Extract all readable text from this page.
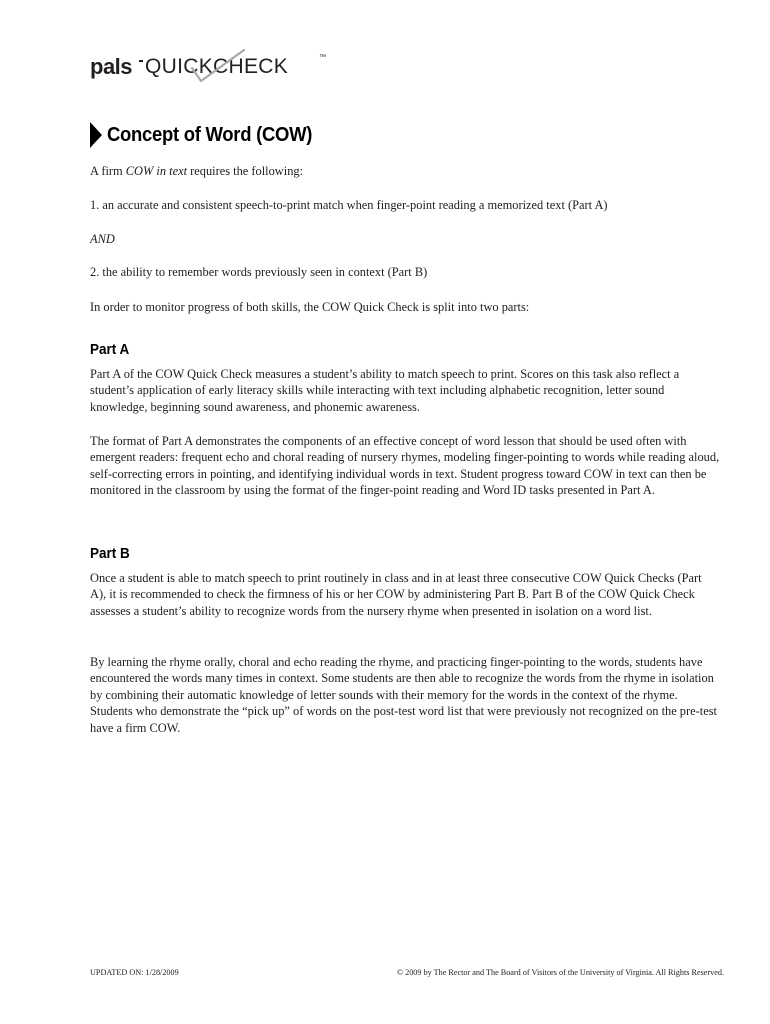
pals QUICKCHECK	™
Concept of Word (COW)

A firm COW in text requires the following:

1. an accurate and consistent speech-to-print match when finger-point reading a memorized text (Part A)

AND

2. the ability to remember words previously seen in context (Part B)

In order to monitor progress of both skills, the COW Quick Check is split into two parts:

Part A

Part A of the COW Quick Check measures a student’s ability to match speech to print. Scores on this task also reflect a student’s application of early literacy skills while interacting with text including alphabetic recognition, letter sound knowledge, beginning sound awareness, and phonemic awareness.

The format of Part A demonstrates the components of an effective concept of word lesson that should be used often with emergent readers: frequent echo and choral reading of nursery rhymes, modeling finger-pointing to words while reading aloud, self-correcting errors in pointing, and identifying individual words in text. Student progress toward COW in text can then be monitored in the classroom by using the format of the finger-point reading and Word ID tasks presented in Part A.

Part B

Once a student is able to match speech to print routinely in class and in at least three consecutive COW Quick Checks (Part A), it is recommended to check the firmness of his or her COW by administering Part B. Part B of the COW Quick Check assesses a student’s ability to recognize words from the nursery rhyme when presented in isolation on a word list.

By learning the rhyme orally, choral and echo reading the rhyme, and practicing finger-pointing to the words, students have encountered the words many times in context. Some students are then able to recognize the words from the rhyme in isolation by combining their automatic knowledge of letter sounds with their memory for the words in the context of the rhyme. Students who demonstrate the “pick up” of words on the post-test word list that were previously not recognized on the pre-test have a firm COW.

UPDATED ON: 1/28/2009	© 2009 by The Rector and The Board of Visitors of the University of Virginia. All Rights Reserved.
